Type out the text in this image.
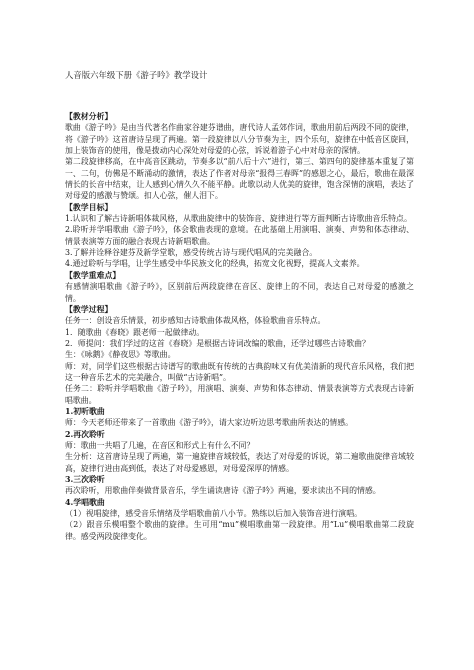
人音版六年级下册《游子吟》教学设计

【教材分析】

歌曲《游子吟》是由当代著名作曲家谷建芬谱曲，唐代诗人孟郊作词，歌曲用前后两段不同的旋律，将《游子吟》这首唐诗呈现了两遍。第一段旋律以八分节奏为主，四个乐句，旋律在中低音区旋回，加上装饰音的使用，像是拨动内心深处对母爱的心弦，诉说着游子心中对母亲的深情。

第二段旋律移高，在中高音区跳动，节奏多以“前八后十六”进行，第三、第四句的旋律基本重复了第一、二句，仿佛是不断涌动的激情，表达了作者对母亲“报得三春晖”的感恩之心，最后，歌曲在最深情长的长音中结束，让人感到心情久久不能平静。此歌以动人优美的旋律，饱含深情的演唱，表达了对母爱的感激与赞颂。扣人心弦，催人泪下。

【教学目标】

1.认识和了解古诗新唱体裁风格，从歌曲旋律中的装饰音、旋律进行等方面判断古诗歌曲音乐特点。

2.聆听并学唱歌曲《游子吟》，体会歌曲表现的意境。在此基础上用演唱、演奏、声势和体态律动、情景表演等方面的融合表现古诗新唱歌曲。

3.了解并诠释谷建芬及新学堂歌，感受传统古诗与现代唱风的完美融合。

4.通过聆听与学唱，让学生感受中华民族文化的经典，拓宽文化视野，提高人文素养。

【教学重难点】

有感情演唱歌曲《游子吟》，区别前后两段旋律在音区、旋律上的不同，表达自己对母爱的感激之情。

【教学过程】

任务一：创设音乐情景，初步感知古诗歌曲体裁风格，体验歌曲音乐特点。

1．随歌曲《春晓》跟老师一起做律动。

2．师提问：我们学过的这首《春晓》是根据古诗词改编的歌曲，还学过哪些古诗歌曲？

生：《咏鹅》《静夜思》等歌曲。

师：对，同学们这些根据古诗谱写的歌曲既有传统的古典韵味又有优美清新的现代音乐风格，我们把这一种音乐艺术的完美融合，叫做“古诗新唱”。

任务二：聆听并学唱歌曲《游子吟》，用演唱、演奏、声势和体态律动、情景表演等方式表现古诗新唱歌曲。

1.初听歌曲

师：今天老师还带来了一首歌曲《游子吟》，请大家边听边思考歌曲所表达的情感。

2.再次聆听

师：歌曲一共唱了几遍，在音区和形式上有什么不同？

生分析：这首唐诗呈现了两遍，第一遍旋律音域较低，表达了对母爱的诉说，第二遍歌曲旋律音域较高，旋律行进由高到低，表达了对母爱感恩，对母爱深厚的情感。

3.三次聆听

再次聆听，用歌曲伴奏做背景音乐，学生诵读唐诗《游子吟》两遍，要求读出不同的情感。

4.学唱歌曲

（1）视唱旋律，感受音乐情绪及学唱歌曲前八小节。熟练以后加入装饰音进行演唱。

（2）跟音乐模唱整个歌曲的旋律。生可用“mu”模唱歌曲第一段旋律。用“Lu”模唱歌曲第二段旋律。感受两段旋律变化。
